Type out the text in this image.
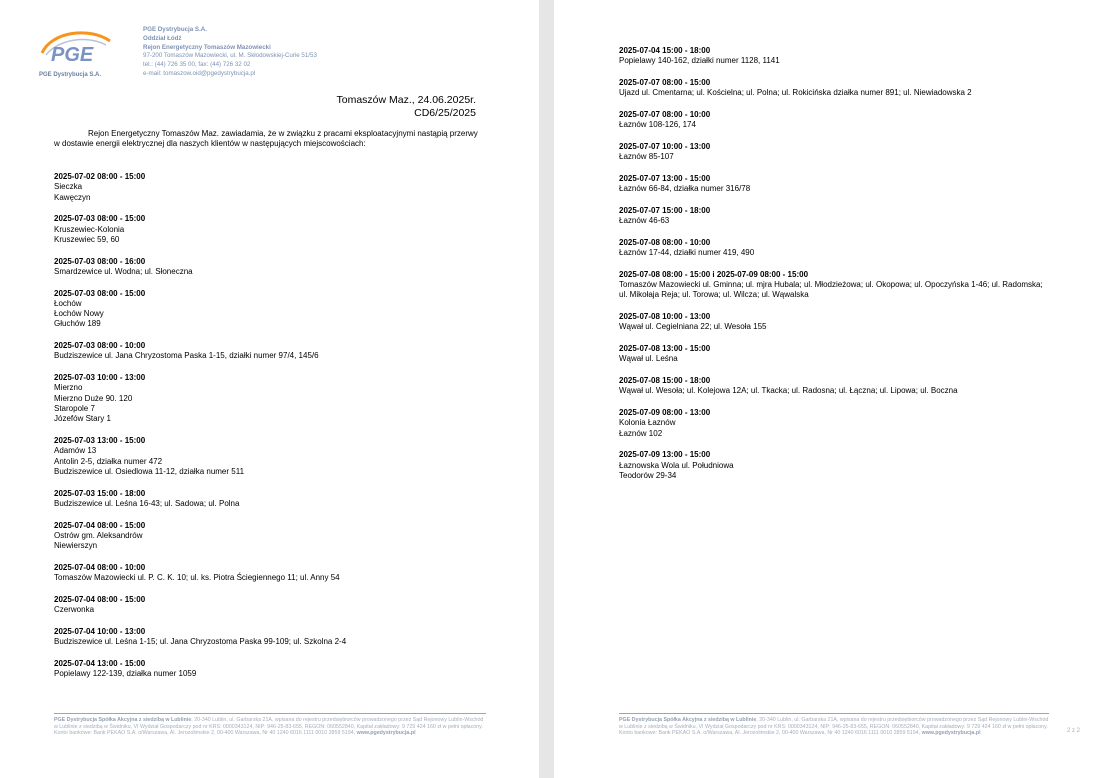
PGE
PGE Dystrybucja S.A.
PGE Dystrybucja S.A.
Oddział Łódź
Rejon Energetyczny Tomaszów Mazowiecki
97-200 Tomaszów Mazowiecki, ul. M. Skłodowskiej-Curie 51/53
tel.: (44) 726 35 00, fax: (44) 726 32 02
e-mail: tomaszow.oid@pgedystrybucja.pl
Tomaszów Maz., 24.06.2025r.
CD6/25/2025
Rejon Energetyczny Tomaszów Maz. zawiadamia, że w związku z pracami eksploatacyjnymi nastąpią przerwy w dostawie energii elektrycznej dla naszych klientów w następujących miejscowościach:
2025-07-02 08:00 - 15:00
Sieczka
Kawęczyn
2025-07-03 08:00 - 15:00
Kruszewiec-Kolonia
Kruszewiec 59, 60
2025-07-03 08:00 - 16:00
Smardzewice ul. Wodna; ul. Słoneczna
2025-07-03 08:00 - 15:00
Łochów
Łochów Nowy
Głuchów 189
2025-07-03 08:00 - 10:00
Budziszewice ul. Jana Chryzostoma Paska 1-15, działki numer 97/4, 145/6
2025-07-03 10:00 - 13:00
Mierzno
Mierzno Duże 90. 120
Staropole 7
Józefów Stary 1
2025-07-03 13:00 - 15:00
Adamów 13
Antolin 2-5, działka numer 472
Budziszewice ul. Osiedlowa 11-12, działka numer 511
2025-07-03 15:00 - 18:00
Budziszewice ul. Leśna 16-43; ul. Sadowa; ul. Polna
2025-07-04 08:00 - 15:00
Ostrów gm. Aleksandrów
Niewierszyn
2025-07-04 08:00 - 10:00
Tomaszów Mazowiecki ul. P. C. K. 10; ul. ks. Piotra Ściegiennego 11; ul. Anny 54
2025-07-04 08:00 - 15:00
Czerwonka
2025-07-04 10:00 - 13:00
Budziszewice ul. Leśna 1-15; ul. Jana Chryzostoma Paska 99-109; ul. Szkolna 2-4
2025-07-04 13:00 - 15:00
Popielawy 122-139, działka numer 1059
PGE Dystrybucja Spółka Akcyjna z siedzibą w Lublinie, 20-340 Lublin, ul. Garbarska 21A, wpisana do rejestru przedsiębiorców prowadzonego przez Sąd Rejonowy Lublin-Wschód w Lublinie z siedzibą w Świdniku, VI Wydział Gospodarczy pod nr KRS: 0000343124, NIP: 946-25-83-655, REGON: 060552840, Kapitał zakładowy: 9 729 424 160 zł w pełni opłacony. Konto bankowe: Bank PEKAO S.A. o/Warszawa, Al. Jerozolimskie 2, 00-400 Warszawa, Nr 40 1240 6016 1111 0010 2859 5194, www.pgedystrybucja.pl
2025-07-04 15:00 - 18:00
Popielawy 140-162, działki numer 1128, 1141
2025-07-07 08:00 - 15:00
Ujazd ul. Cmentarna; ul. Kościelna; ul. Polna; ul. Rokicińska działka numer 891; ul. Niewiadowska 2
2025-07-07 08:00 - 10:00
Łaznów 108-126, 174
2025-07-07 10:00 - 13:00
Łaznów 85-107
2025-07-07 13:00 - 15:00
Łaznów 66-84, działka numer 316/78
2025-07-07 15:00 - 18:00
Łaznów 46-63
2025-07-08 08:00 - 10:00
Łaznów 17-44, działki numer 419, 490
2025-07-08 08:00 - 15:00 i 2025-07-09 08:00 - 15:00
Tomaszów Mazowiecki ul. Gminna; ul. mjra Hubala; ul. Młodzieżowa; ul. Okopowa; ul. Opoczyńska 1-46; ul. Radomska; ul. Mikołaja Reja; ul. Torowa; ul. Wilcza; ul. Wąwalska
2025-07-08 10:00 - 13:00
Wąwał ul. Cegielniana 22; ul. Wesoła 155
2025-07-08 13:00 - 15:00
Wąwał ul. Leśna
2025-07-08 15:00 - 18:00
Wąwał ul. Wesoła; ul. Kolejowa 12A; ul. Tkacka; ul. Radosna; ul. Łączna; ul. Lipowa; ul. Boczna
2025-07-09 08:00 - 13:00
Kolonia Łaznów
Łaznów 102
2025-07-09 13:00 - 15:00
Łaznowska Wola ul. Południowa
Teodorów 29-34
PGE Dystrybucja Spółka Akcyjna z siedzibą w Lublinie, 20-340 Lublin, ul. Garbarska 21A, wpisana do rejestru przedsiębiorców prowadzonego przez Sąd Rejonowy Lublin-Wschód w Lublinie z siedzibą w Świdniku, VI Wydział Gospodarczy pod nr KRS: 0000343124, NIP: 946-25-83-655, REGON: 060552840, Kapitał zakładowy: 9 729 424 160 zł w pełni opłacony. Konto bankowe: Bank PEKAO S.A. o/Warszawa, Al. Jerozolimskie 2, 00-400 Warszawa, Nr 40 1240 6016 1111 0010 2859 5194, www.pgedystrybucja.pl	2 z 2
